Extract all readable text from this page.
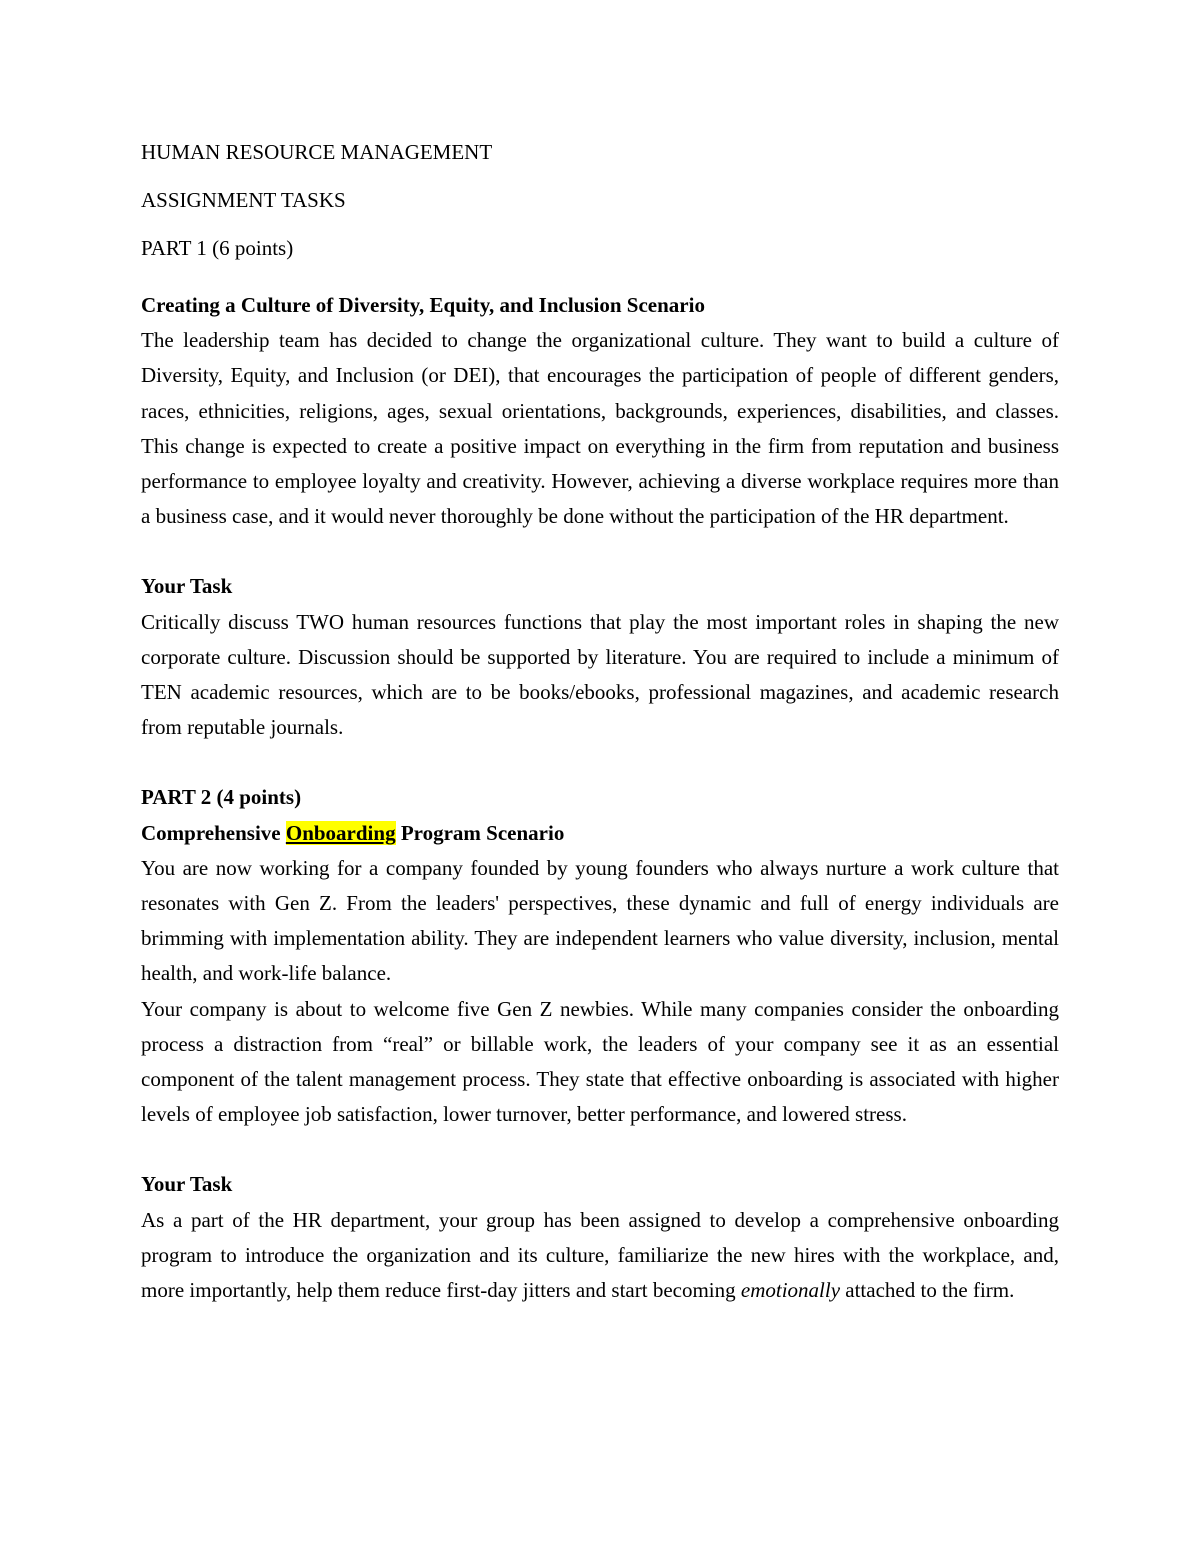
HUMAN RESOURCE MANAGEMENT

ASSIGNMENT TASKS

PART 1 (6 points)

Creating a Culture of Diversity, Equity, and Inclusion Scenario

The leadership team has decided to change the organizational culture. They want to build a culture of Diversity, Equity, and Inclusion (or DEI), that encourages the participation of people of different genders, races, ethnicities, religions, ages, sexual orientations, backgrounds, experiences, disabilities, and classes. This change is expected to create a positive impact on everything in the firm from reputation and business performance to employee loyalty and creativity. However, achieving a diverse workplace requires more than a business case, and it would never thoroughly be done without the participation of the HR department.

Your Task

Critically discuss TWO human resources functions that play the most important roles in shaping the new corporate culture. Discussion should be supported by literature. You are required to include a minimum of TEN academic resources, which are to be books/ebooks, professional magazines, and academic research from reputable journals.

PART 2 (4 points)

Comprehensive Onboarding Program Scenario

You are now working for a company founded by young founders who always nurture a work culture that resonates with Gen Z. From the leaders' perspectives, these dynamic and full of energy individuals are brimming with implementation ability. They are independent learners who value diversity, inclusion, mental health, and work-life balance.

Your company is about to welcome five Gen Z newbies. While many companies consider the onboarding process a distraction from “real” or billable work, the leaders of your company see it as an essential component of the talent management process. They state that effective onboarding is associated with higher levels of employee job satisfaction, lower turnover, better performance, and lowered stress.

Your Task

As a part of the HR department, your group has been assigned to develop a comprehensive onboarding program to introduce the organization and its culture, familiarize the new hires with the workplace, and, more importantly, help them reduce first-day jitters and start becoming emotionally attached to the firm.
